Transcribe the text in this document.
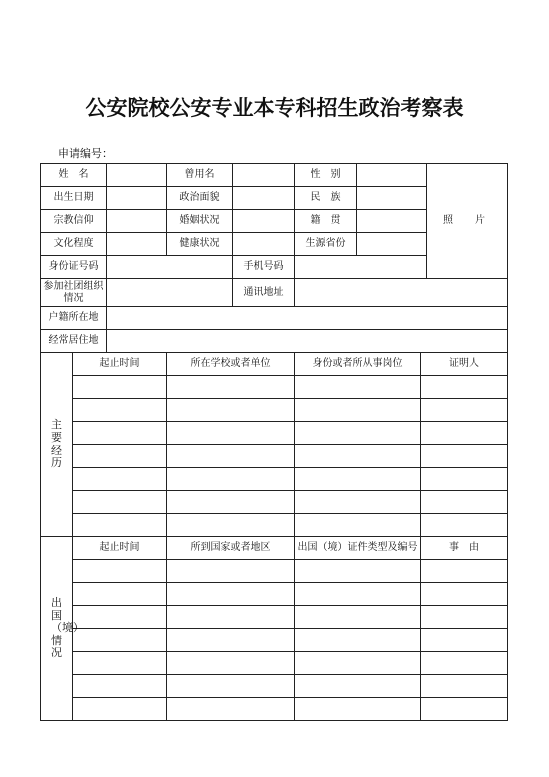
公安院校公安专业本专科招生政治考察表
申请编号：
姓　名			曾用名		性　别			照　片
出生日期			政治面貌		民　族			
宗教信仰			婚姻状况		籍　贯			
文化程度			健康状况		生源省份			
身份证号码				手机号码				
参加社团组织情况				通讯地址				
户籍所在地								
经常居住地								
主要经历	起止时间		所在学校或者单位		身份或者所从事岗位		证明人	

出国（境）情况	起止时间		所到国家或者地区		出国（境）证件类型及编号		事　由	
